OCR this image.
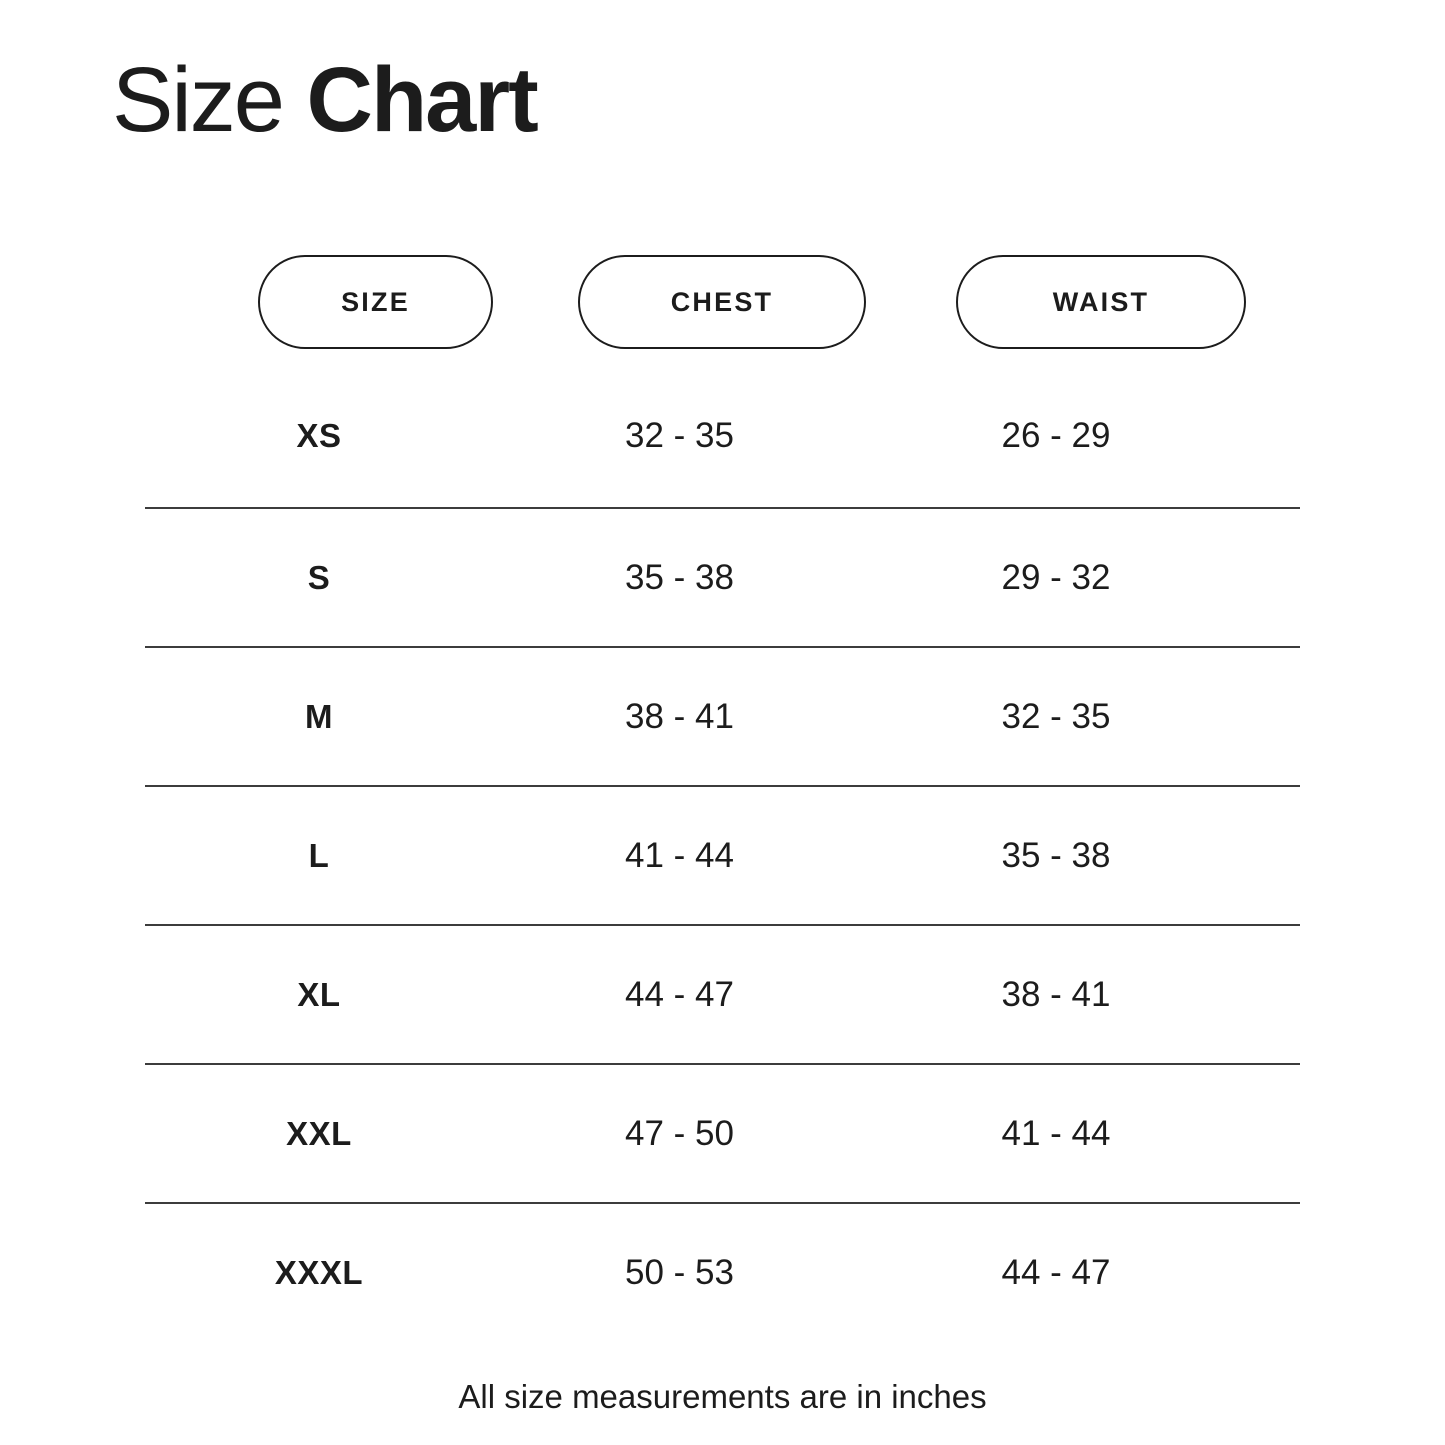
Size Chart
SIZE	CHEST	WAIST
XS	32 - 35	26 - 29
S	35 - 38	29 - 32
M	38 - 41	32 - 35
L	41 - 44	35 - 38
XL	44 - 47	38 - 41
XXL	47 - 50	41 - 44
XXXL	50 - 53	44 - 47
All size measurements are in inches
